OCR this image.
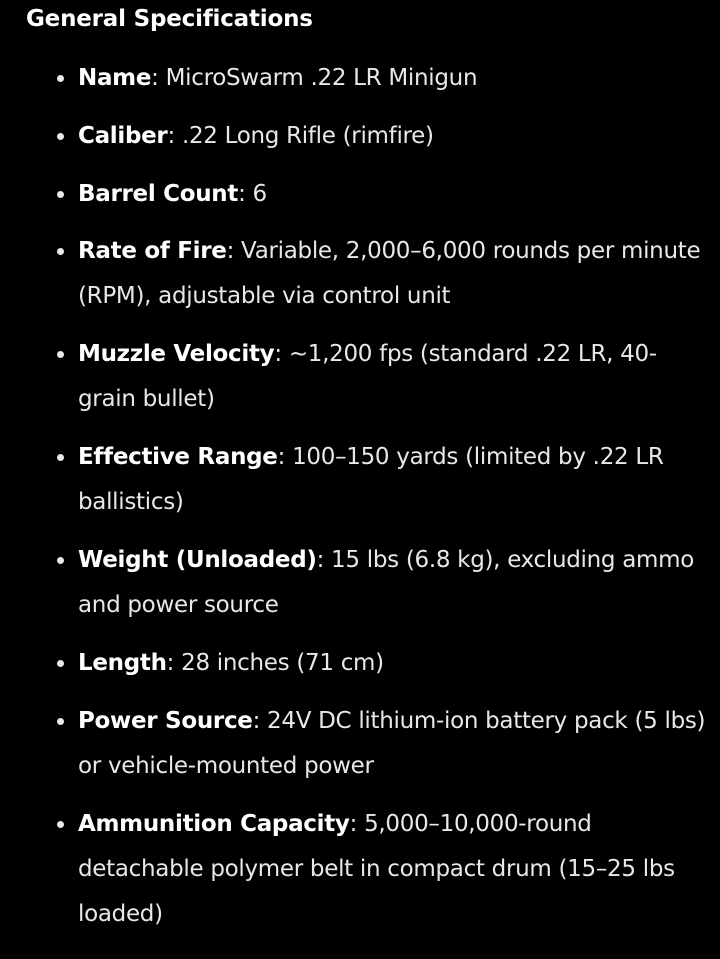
General Specifications
Name: MicroSwarm .22 LR Minigun
Caliber: .22 Long Rifle (rimfire)
Barrel Count: 6
Rate of Fire: Variable, 2,000–6,000 rounds per minute (RPM), adjustable via control unit
Muzzle Velocity: ~1,200 fps (standard .22 LR, 40-grain bullet)
Effective Range: 100–150 yards (limited by .22 LR ballistics)
Weight (Unloaded): 15 lbs (6.8 kg), excluding ammo and power source
Length: 28 inches (71 cm)
Power Source: 24V DC lithium-ion battery pack (5 lbs) or vehicle-mounted power
Ammunition Capacity: 5,000–10,000-round detachable polymer belt in compact drum (15–25 lbs loaded)
